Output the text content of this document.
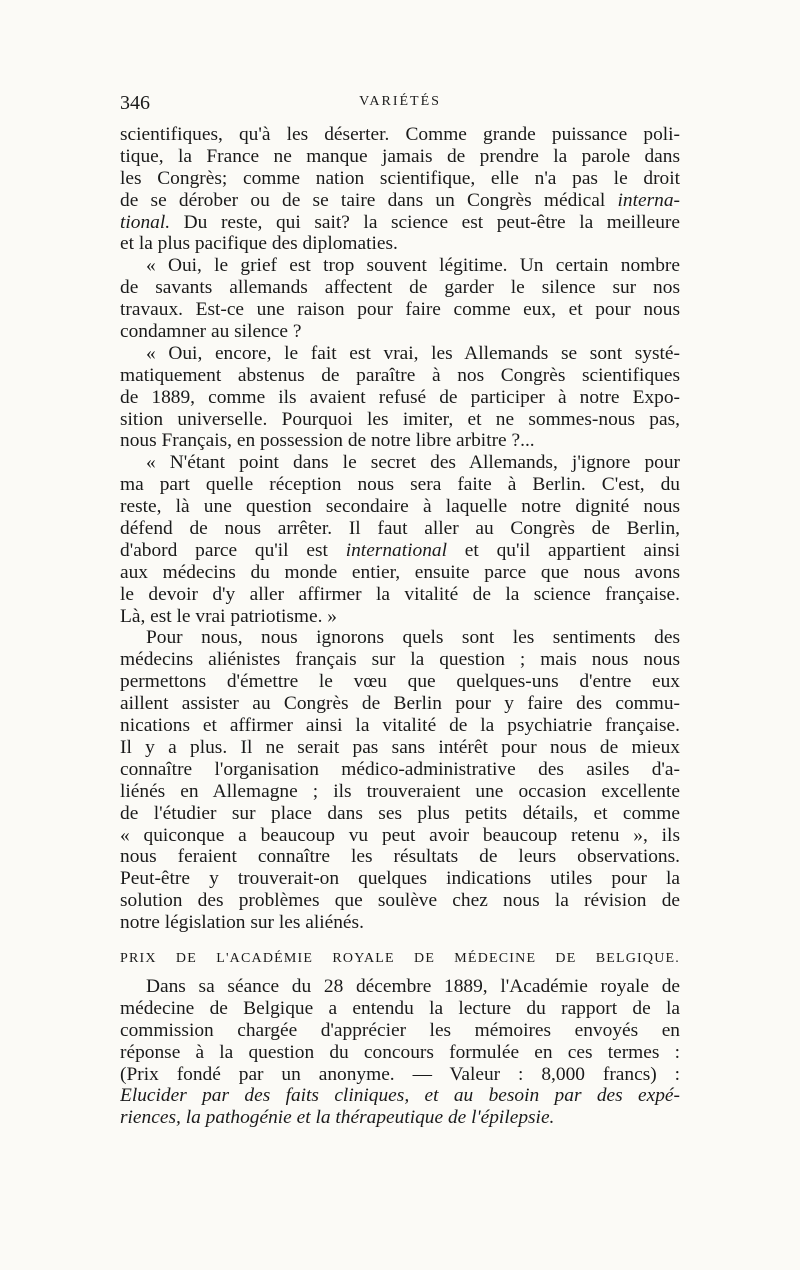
346	VARIÉTÉS
scientifiques, qu'à les déserter. Comme grande puissance poli-
tique, la France ne manque jamais de prendre la parole dans
les Congrès; comme nation scientifique, elle n'a pas le droit
de se dérober ou de se taire dans un Congrès médical interna-
tional. Du reste, qui sait? la science est peut-être la meilleure
et la plus pacifique des diplomaties.
« Oui, le grief est trop souvent légitime. Un certain nombre
de savants allemands affectent de garder le silence sur nos
travaux. Est-ce une raison pour faire comme eux, et pour nous
condamner au silence ?
« Oui, encore, le fait est vrai, les Allemands se sont systé-
matiquement abstenus de paraître à nos Congrès scientifiques
de 1889, comme ils avaient refusé de participer à notre Expo-
sition universelle. Pourquoi les imiter, et ne sommes-nous pas,
nous Français, en possession de notre libre arbitre ?...
« N'étant point dans le secret des Allemands, j'ignore pour
ma part quelle réception nous sera faite à Berlin. C'est, du
reste, là une question secondaire à laquelle notre dignité nous
défend de nous arrêter. Il faut aller au Congrès de Berlin,
d'abord parce qu'il est international et qu'il appartient ainsi
aux médecins du monde entier, ensuite parce que nous avons
le devoir d'y aller affirmer la vitalité de la science française.
Là, est le vrai patriotisme. »
Pour nous, nous ignorons quels sont les sentiments des
médecins aliénistes français sur la question ; mais nous nous
permettons d'émettre le vœu que quelques-uns d'entre eux
aillent assister au Congrès de Berlin pour y faire des commu-
nications et affirmer ainsi la vitalité de la psychiatrie française.
Il y a plus. Il ne serait pas sans intérêt pour nous de mieux
connaître l'organisation médico-administrative des asiles d'a-
liénés en Allemagne ; ils trouveraient une occasion excellente
de l'étudier sur place dans ses plus petits détails, et comme
« quiconque a beaucoup vu peut avoir beaucoup retenu », ils
nous feraient connaître les résultats de leurs observations.
Peut-être y trouverait-on quelques indications utiles pour la
solution des problèmes que soulève chez nous la révision de
notre législation sur les aliénés.
PRIX DE L'ACADÉMIE ROYALE DE MÉDECINE DE BELGIQUE.
Dans sa séance du 28 décembre 1889, l'Académie royale de
médecine de Belgique a entendu la lecture du rapport de la
commission chargée d'apprécier les mémoires envoyés en
réponse à la question du concours formulée en ces termes :
(Prix fondé par un anonyme. — Valeur : 8,000 francs) :
Elucider par des faits cliniques, et au besoin par des expé-
riences, la pathogénie et la thérapeutique de l'épilepsie.
